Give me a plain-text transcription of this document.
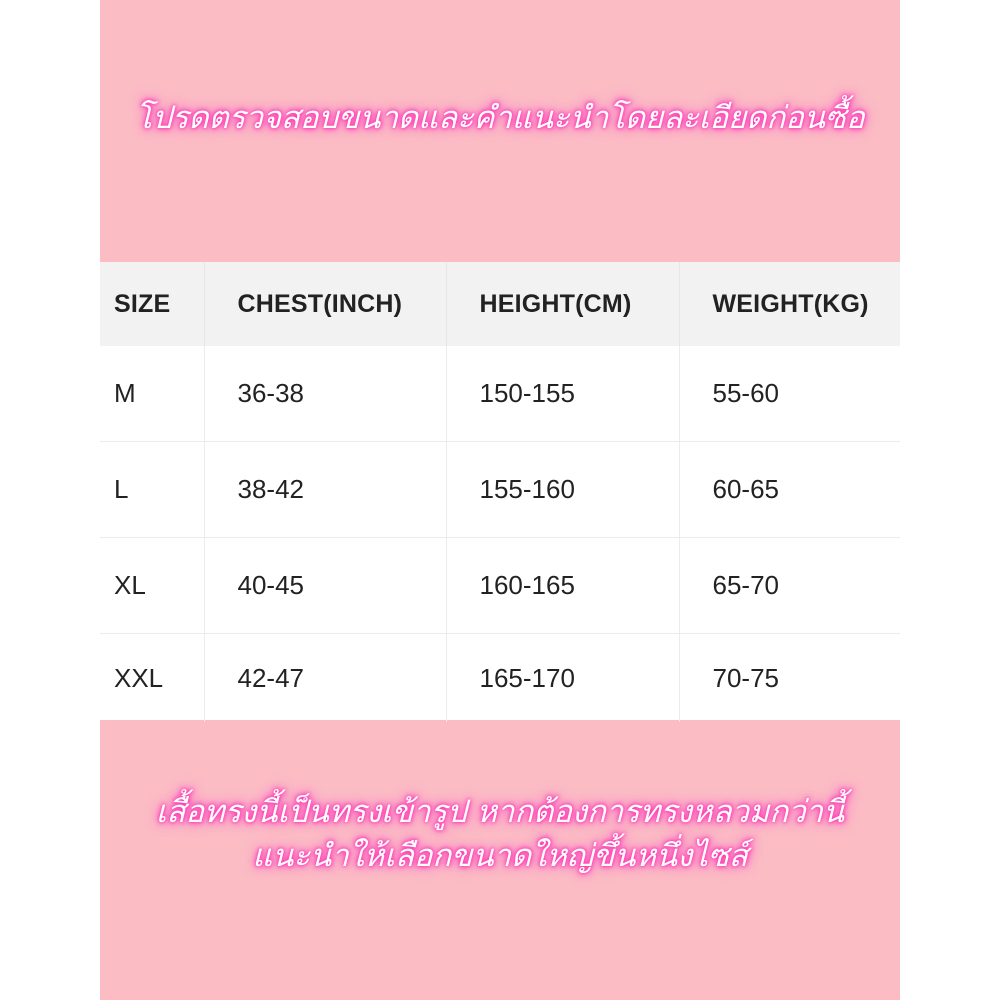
โปรดตรวจสอบขนาดและคำแนะนำโดยละเอียดก่อนซื้อ
SIZE	CHEST(INCH)	HEIGHT(CM)	WEIGHT(KG)
M	36-38	150-155	55-60
L	38-42	155-160	60-65
XL	40-45	160-165	65-70
XXL	42-47	165-170	70-75
เสื้อทรงนี้เป็นทรงเข้ารูป หากต้องการทรงหลวมกว่านี้
แนะนำให้เลือกขนาดใหญ่ขึ้นหนึ่งไซส์
